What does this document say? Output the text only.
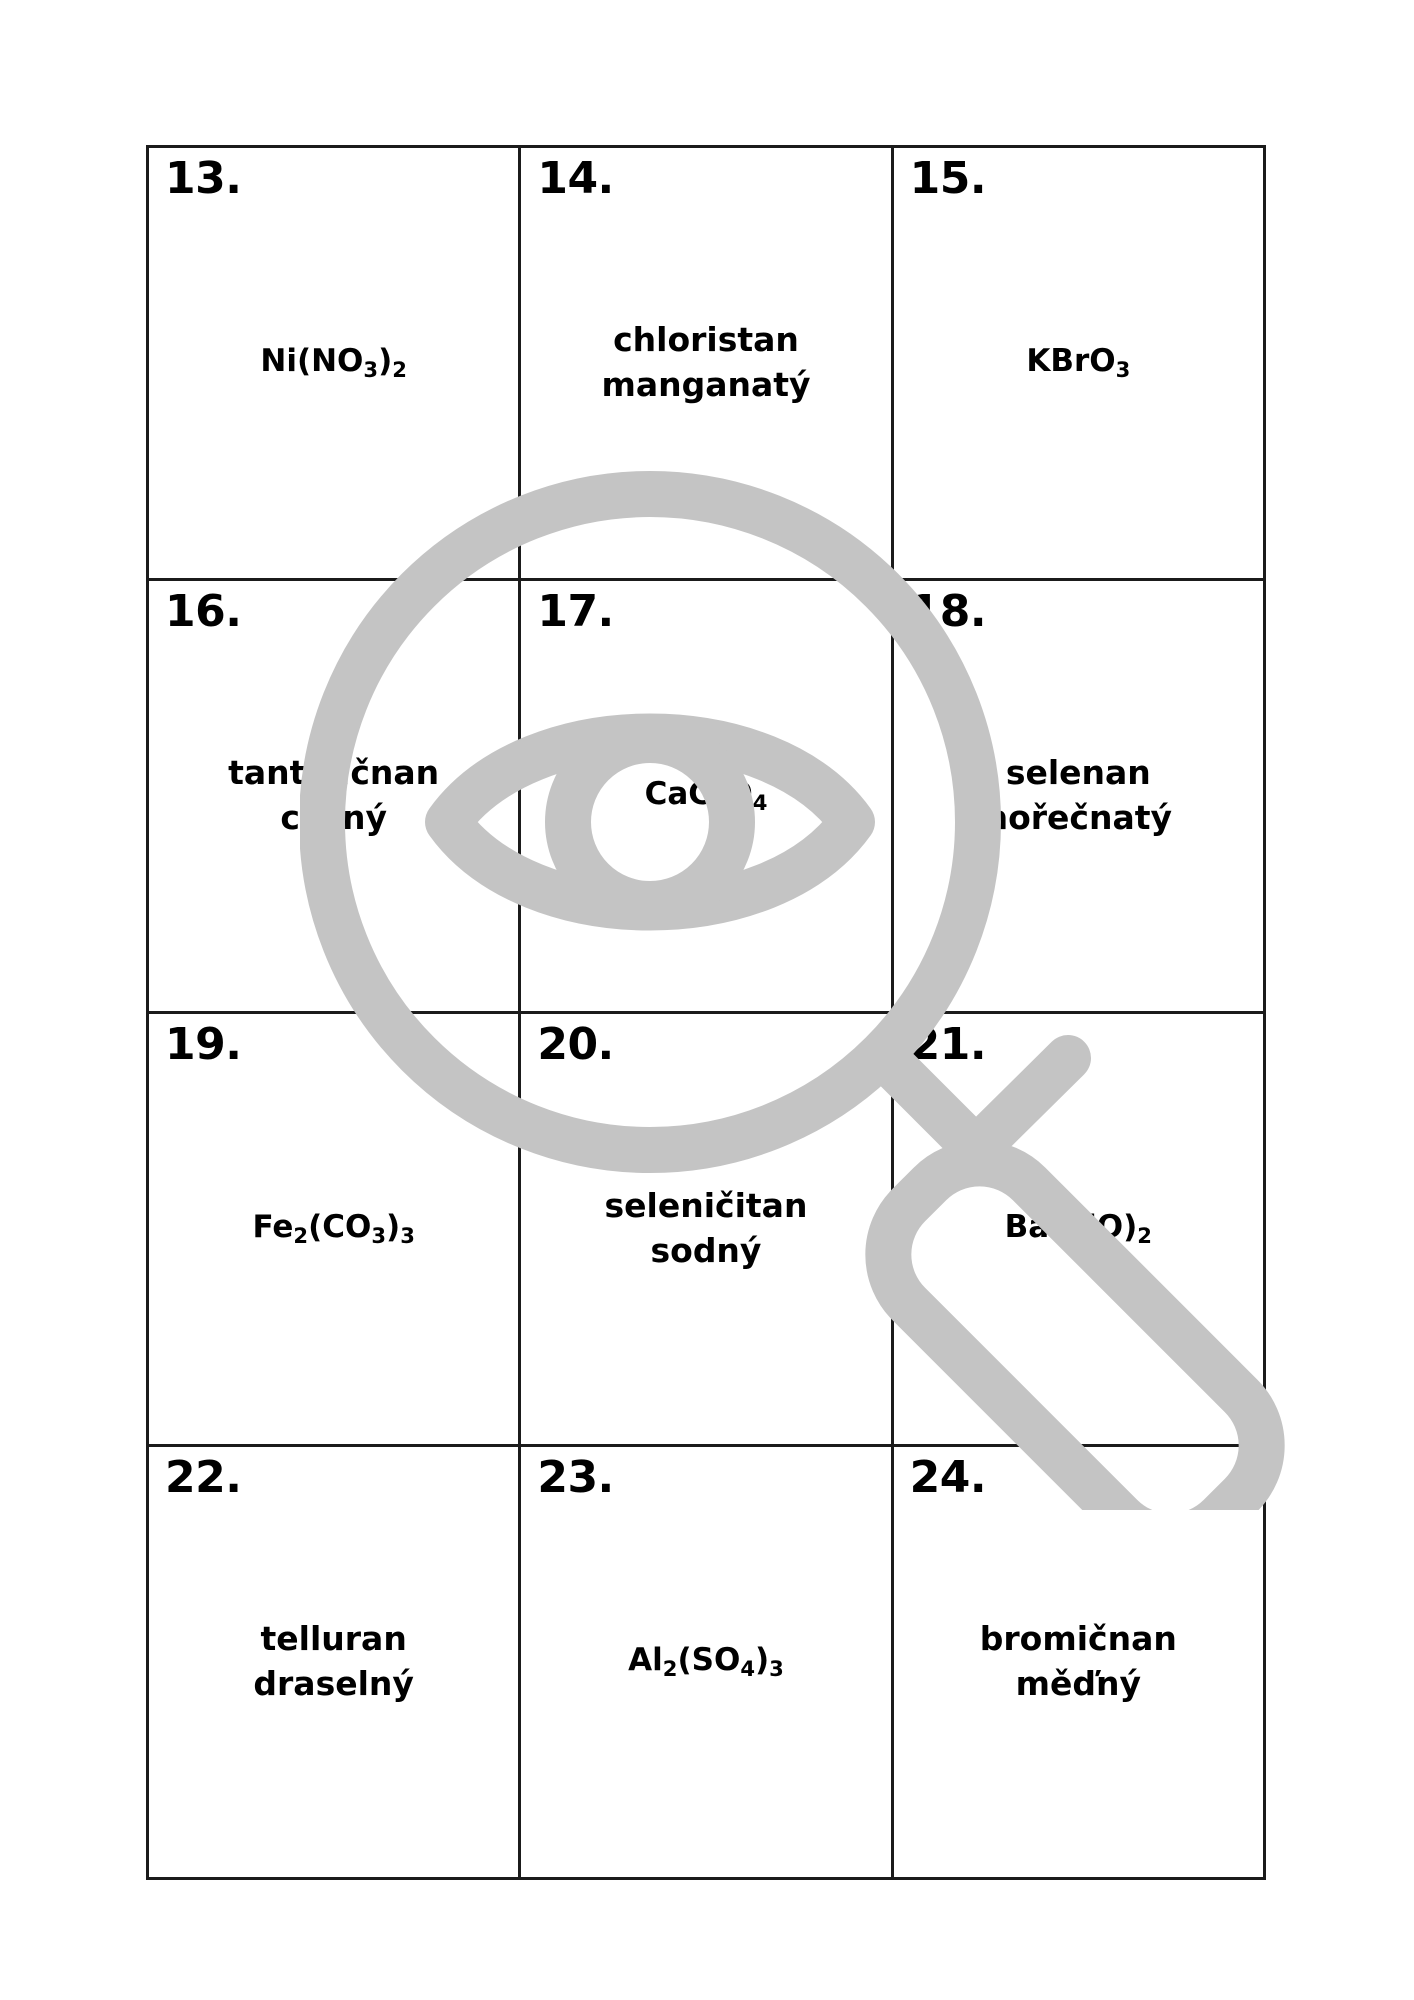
13.
$Ni(NO_3)_2$

14.
chloristan
manganatý

15.
KBrO$_3$

16.
tantaličnan
cesný

17.
CaCrO$_4$

18.
selenan
hořečnatý

19.
$Fe_2(CO_3)_3$

20.
seleničitan
sodný

21.
$Ba(ClO)_2$

22.
telluran
draselný

23.
$Al_2(SO_4)_3$

24.
bromičnan
měďný
